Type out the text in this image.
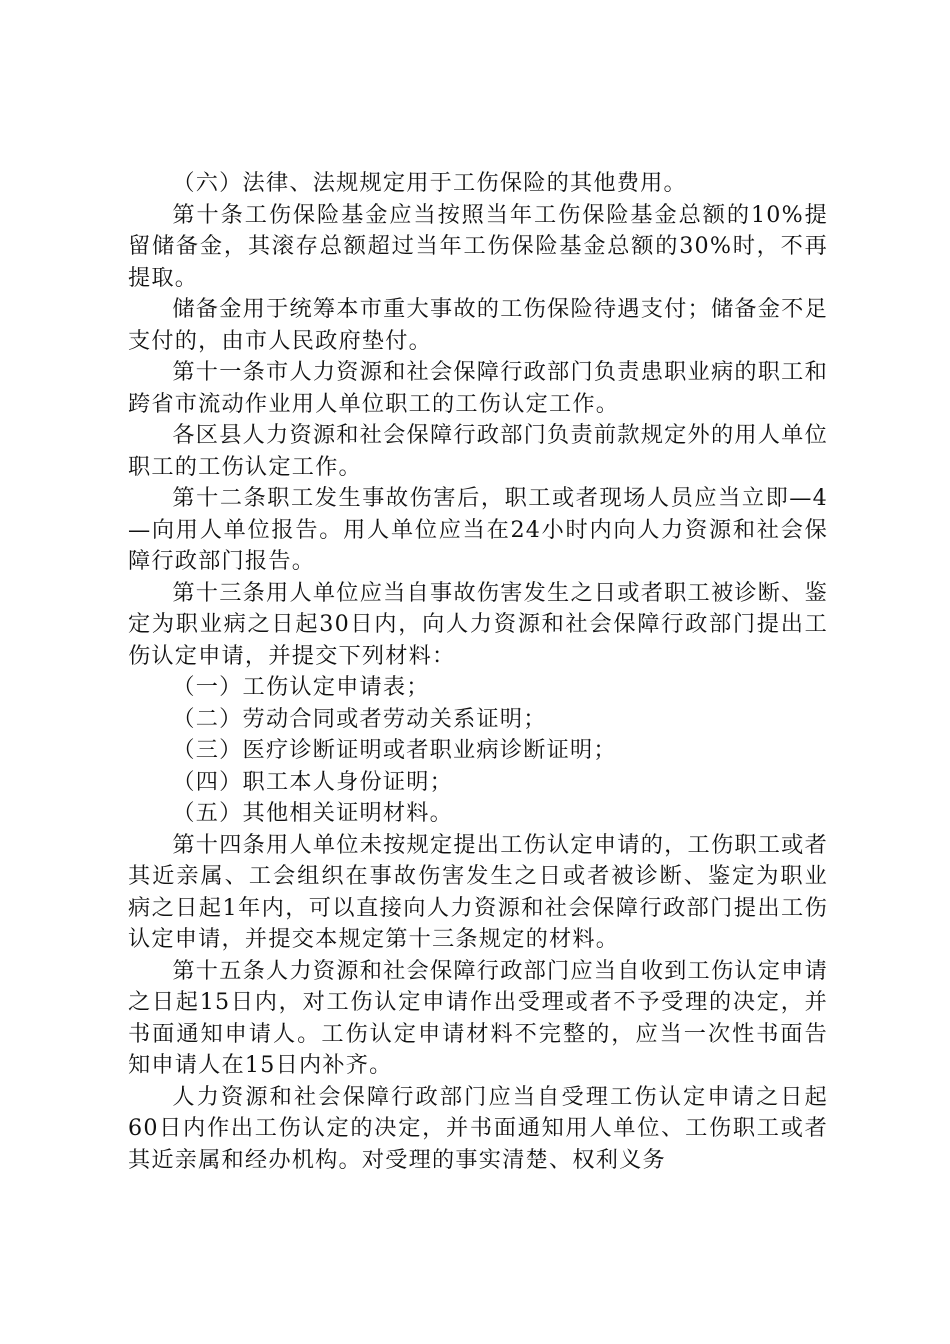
（六）法律、法规规定用于工伤保险的其他费用。

第十条工伤保险基金应当按照当年工伤保险基金总额的10%提留储备金，其滚存总额超过当年工伤保险基金总额的30%时，不再提取。

储备金用于统筹本市重大事故的工伤保险待遇支付；储备金不足支付的，由市人民政府垫付。

第十一条市人力资源和社会保障行政部门负责患职业病的职工和跨省市流动作业用人单位职工的工伤认定工作。

各区县人力资源和社会保障行政部门负责前款规定外的用人单位职工的工伤认定工作。

第十二条职工发生事故伤害后，职工或者现场人员应当立即—4—向用人单位报告。用人单位应当在24小时内向人力资源和社会保障行政部门报告。

第十三条用人单位应当自事故伤害发生之日或者职工被诊断、鉴定为职业病之日起30日内，向人力资源和社会保障行政部门提出工伤认定申请，并提交下列材料：

（一）工伤认定申请表；

（二）劳动合同或者劳动关系证明；

（三）医疗诊断证明或者职业病诊断证明；

（四）职工本人身份证明；

（五）其他相关证明材料。

第十四条用人单位未按规定提出工伤认定申请的，工伤职工或者其近亲属、工会组织在事故伤害发生之日或者被诊断、鉴定为职业病之日起1年内，可以直接向人力资源和社会保障行政部门提出工伤认定申请，并提交本规定第十三条规定的材料。

第十五条人力资源和社会保障行政部门应当自收到工伤认定申请之日起15日内，对工伤认定申请作出受理或者不予受理的决定，并书面通知申请人。工伤认定申请材料不完整的，应当一次性书面告知申请人在15日内补齐。

人力资源和社会保障行政部门应当自受理工伤认定申请之日起60日内作出工伤认定的决定，并书面通知用人单位、工伤职工或者其近亲属和经办机构。对受理的事实清楚、权利义务
